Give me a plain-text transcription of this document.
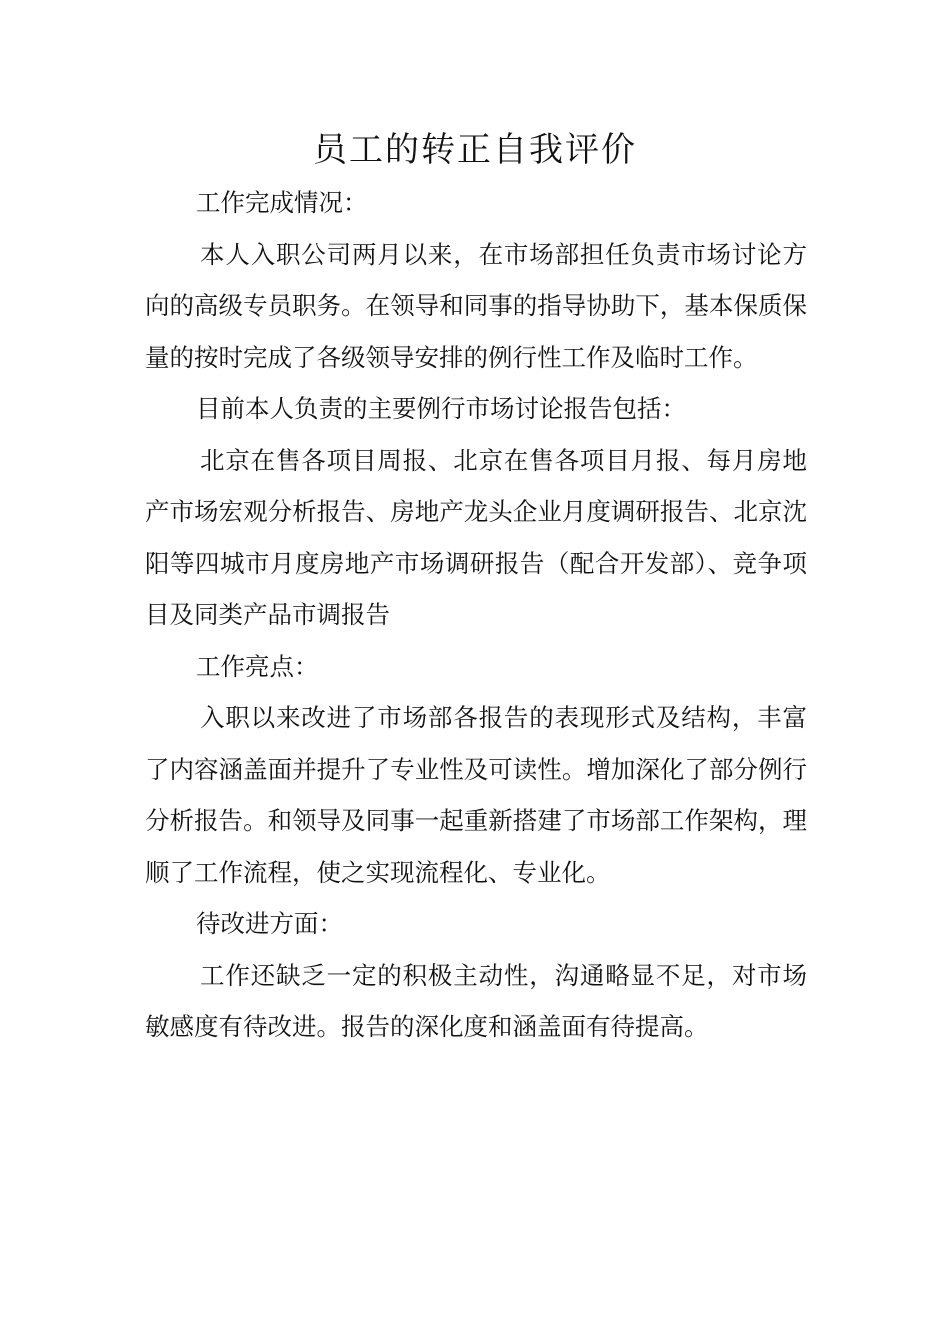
员工的转正自我评价

工作完成情况：

本人入职公司两月以来，在市场部担任负责市场讨论方向的高级专员职务。在领导和同事的指导协助下，基本保质保量的按时完成了各级领导安排的例行性工作及临时工作。

目前本人负责的主要例行市场讨论报告包括：

北京在售各项目周报、北京在售各项目月报、每月房地产市场宏观分析报告、房地产龙头企业月度调研报告、北京沈阳等四城市月度房地产市场调研报告（配合开发部）、竞争项目及同类产品市调报告

工作亮点：

入职以来改进了市场部各报告的表现形式及结构，丰富了内容涵盖面并提升了专业性及可读性。增加深化了部分例行分析报告。和领导及同事一起重新搭建了市场部工作架构，理顺了工作流程，使之实现流程化、专业化。

待改进方面：

工作还缺乏一定的积极主动性，沟通略显不足，对市场敏感度有待改进。报告的深化度和涵盖面有待提高。
